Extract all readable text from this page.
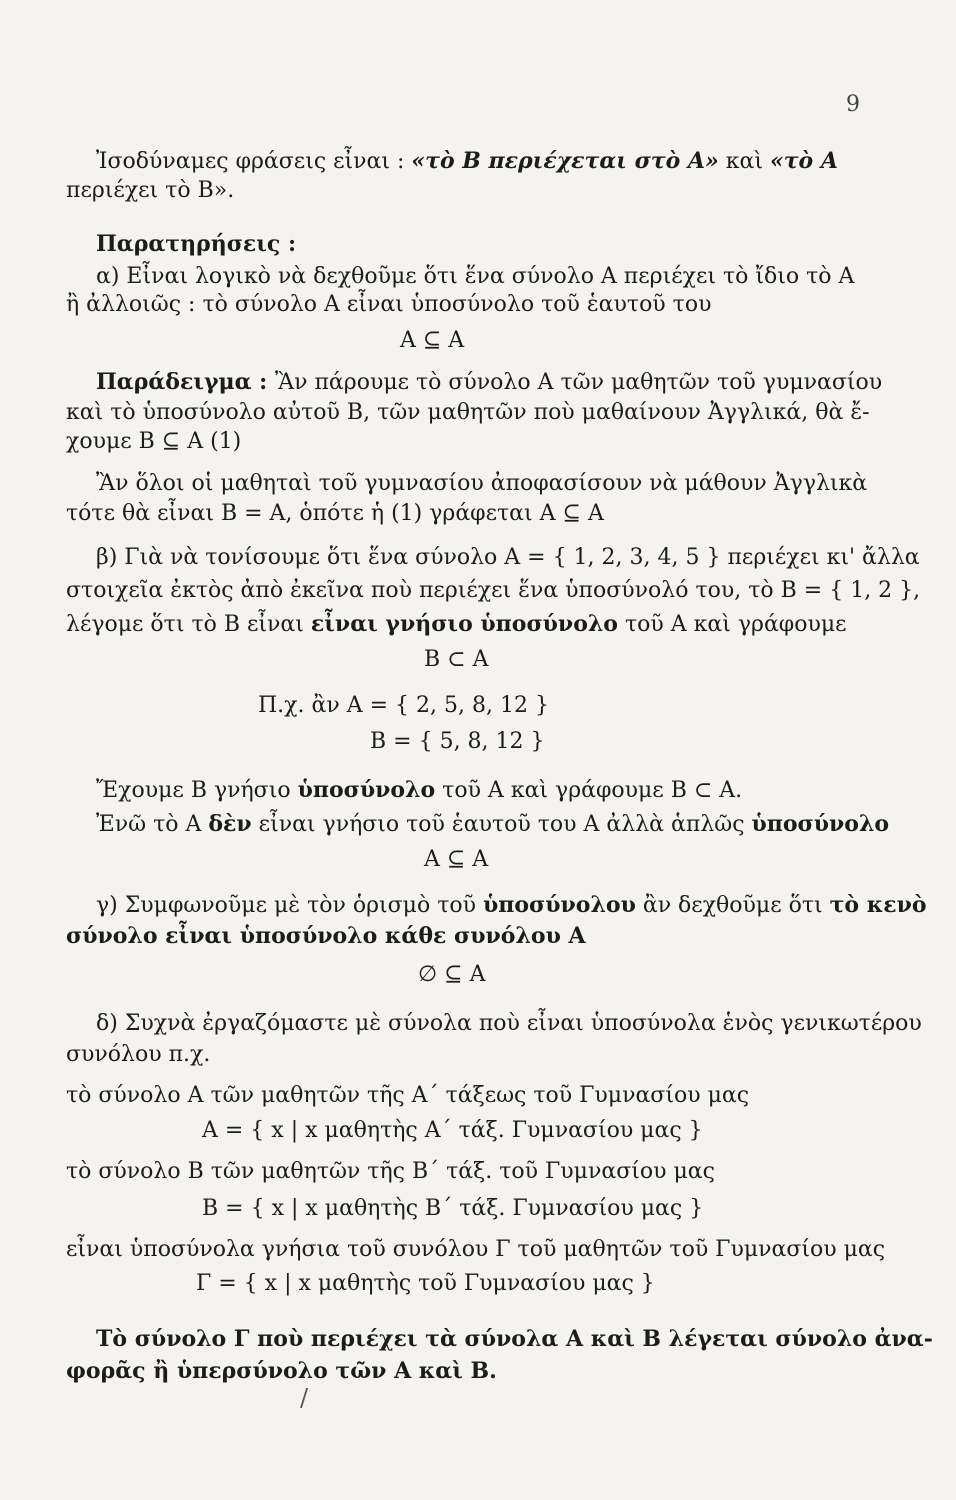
9
Ἰσοδύναμες φράσεις εἶναι : «τὸ B περιέχεται στὸ A» καὶ «τὸ A
περιέχει τὸ B».
Παρατηρήσεις :
α) Εἶναι λογικὸ νὰ δεχθοῦμε ὅτι ἕνα σύνολο A περιέχει τὸ ἴδιο τὸ A
ἢ ἀλλοιῶς : τὸ σύνολο A εἶναι ὑποσύνολο τοῦ ἑαυτοῦ του
A ⊆ A
Παράδειγμα : Ἂν πάρουμε τὸ σύνολο A τῶν μαθητῶν τοῦ γυμνασίου
καὶ τὸ ὑποσύνολο αὐτοῦ B, τῶν μαθητῶν ποὺ μαθαίνουν Ἀγγλικά, θὰ ἔ-
χουμε B ⊆ A (1)
Ἂν ὅλοι οἱ μαθηταὶ τοῦ γυμνασίου ἀποφασίσουν νὰ μάθουν Ἀγγλικὰ
τότε θὰ εἶναι B = A, ὁπότε ἡ (1) γράφεται A ⊆ A
β) Γιὰ νὰ τονίσουμε ὅτι ἕνα σύνολο A = { 1, 2, 3, 4, 5 } περιέχει κι' ἄλλα
στοιχεῖα ἐκτὸς ἀπὸ ἐκεῖνα ποὺ περιέχει ἕνα ὑποσύνολό του, τὸ B = { 1, 2 },
λέγομε ὅτι τὸ B εἶναι εἶναι γνήσιο ὑποσύνολο τοῦ A καὶ γράφουμε
B ⊂ A
Π.χ. ἂν A = { 2, 5, 8, 12 }
B = { 5, 8, 12 }
Ἔχουμε B γνήσιο ὑποσύνολο τοῦ A καὶ γράφουμε B ⊂ A.
Ἐνῶ τὸ A δὲν εἶναι γνήσιο τοῦ ἑαυτοῦ του A ἀλλὰ ἁπλῶς ὑποσύνολο
A ⊆ A
γ) Συμφωνοῦμε μὲ τὸν ὁρισμὸ τοῦ ὑποσύνολου ἂν δεχθοῦμε ὅτι τὸ κενὸ
σύνολο εἶναι ὑποσύνολο κάθε συνόλου A
∅ ⊆ A
δ) Συχνὰ ἐργαζόμαστε μὲ σύνολα ποὺ εἶναι ὑποσύνολα ἑνὸς γενικωτέρου
συνόλου π.χ.
τὸ σύνολο A τῶν μαθητῶν τῆς A΄ τάξεως τοῦ Γυμνασίου μας
A = { x | x μαθητὴς A΄ τάξ. Γυμνασίου μας }
τὸ σύνολο B τῶν μαθητῶν τῆς B΄ τάξ. τοῦ Γυμνασίου μας
B = { x | x μαθητὴς B΄ τάξ. Γυμνασίου μας }
εἶναι ὑποσύνολα γνήσια τοῦ συνόλου Γ τοῦ μαθητῶν τοῦ Γυμνασίου μας
Γ = { x | x μαθητὴς τοῦ Γυμνασίου μας }
Τὸ σύνολο Γ ποὺ περιέχει τὰ σύνολα A καὶ B λέγεται σύνολο ἀνα-
φορᾶς ἢ ὑπερσύνολο τῶν A καὶ B.
/
